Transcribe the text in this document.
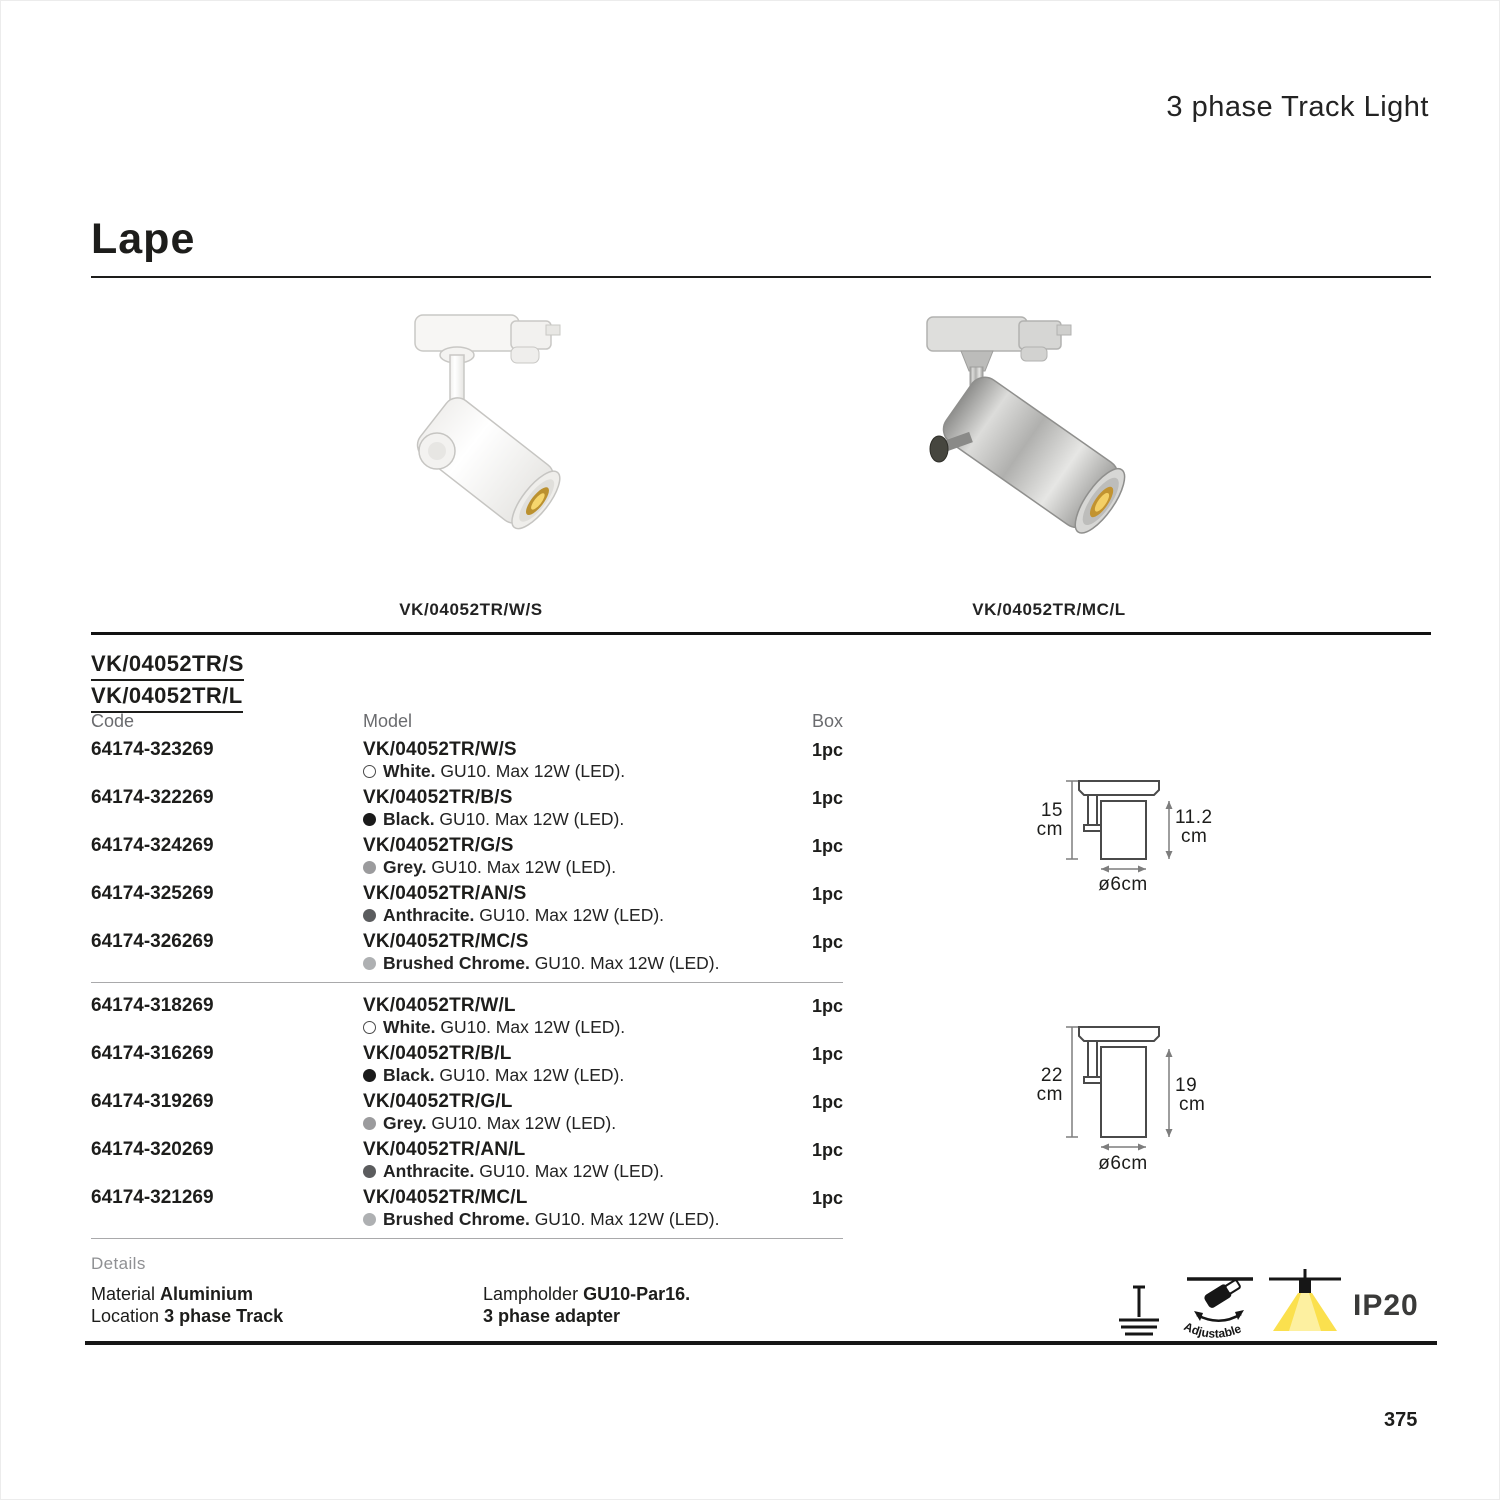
3 phase Track Light
Lape
VK/04052TR/W/S	VK/04052TR/MC/L
VK/04052TR/S
VK/04052TR/L
Code	Model	Box
64174-323269	VK/04052TR/W/S
White. GU10. Max 12W (LED).
1pc
64174-322269	VK/04052TR/B/S
Black. GU10. Max 12W (LED).
1pc
64174-324269	VK/04052TR/G/S
Grey. GU10. Max 12W (LED).
1pc
64174-325269	VK/04052TR/AN/S
Anthracite. GU10. Max 12W (LED).
1pc
64174-326269	VK/04052TR/MC/S
Brushed Chrome. GU10. Max 12W (LED).
1pc
64174-318269	VK/04052TR/W/L
White. GU10. Max 12W (LED).
1pc
64174-316269	VK/04052TR/B/L
Black. GU10. Max 12W (LED).
1pc
64174-319269	VK/04052TR/G/L
Grey. GU10. Max 12W (LED).
1pc
64174-320269	VK/04052TR/AN/L
Anthracite. GU10. Max 12W (LED).
1pc
64174-321269	VK/04052TR/MC/L
Brushed Chrome. GU10. Max 12W (LED).
1pc
15
cm
11.2
cm
ø6cm
22
cm	19
cm
ø6cm
Details
Material Aluminium
Location 3 phase Track
Lampholder GU10-Par16.
3 phase adapter
Adjustable
IP20
375
